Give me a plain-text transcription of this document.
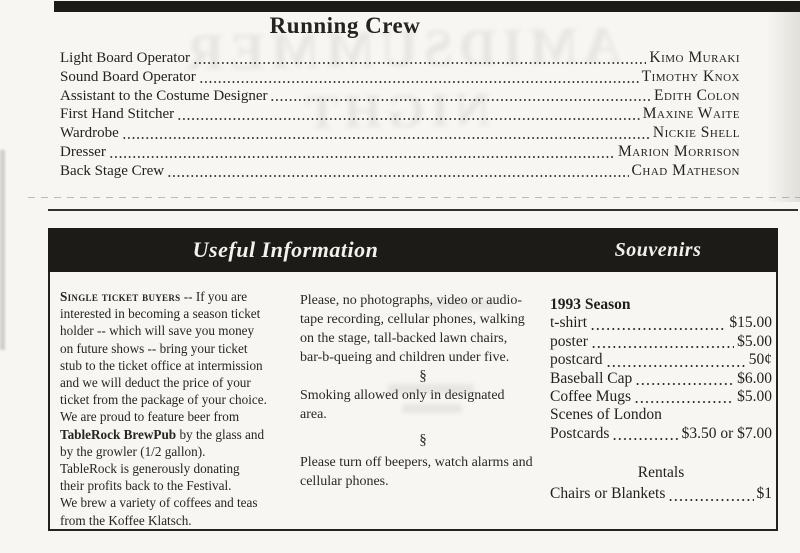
AMIDSUMMER
NIGHT
Running Crew
Light Board Operator	Kimo Muraki
Sound Board Operator	Timothy Knox
Assistant to the Costume Designer	Edith Colon
First Hand Stitcher	Maxine Waite
Wardrobe	Nickie Shell
Dresser	Marion Morrison
Back Stage Crew	Chad Matheson
Useful Information	Souvenirs
Single ticket buyers -- If you are
interested in becoming a season ticket
holder -- which will save you money
on future shows -- bring your ticket
stub to the ticket office at intermission
and we will deduct the price of your
ticket from the package of your choice.
We are proud to feature beer from
TableRock BrewPub by the glass and
by the growler (1/2 gallon).
TableRock is generously donating
their profits back to the Festival.
We brew a variety of coffees and teas
from the Koffee Klatsch.
Please, no photographs, video or audio-
tape recording, cellular phones, walking
on the stage, tall-backed lawn chairs,
bar-b-queing and children under five.
§
Smoking allowed only in designated
area.
§
Please turn off beepers, watch alarms and
cellular phones.
1993 Season
t-shirt	$15.00
poster	$5.00
postcard	50¢
Baseball Cap	$6.00
Coffee Mugs	$5.00
Scenes of London
Postcards	$3.50 or $7.00
Rentals
Chairs or Blankets	$1
